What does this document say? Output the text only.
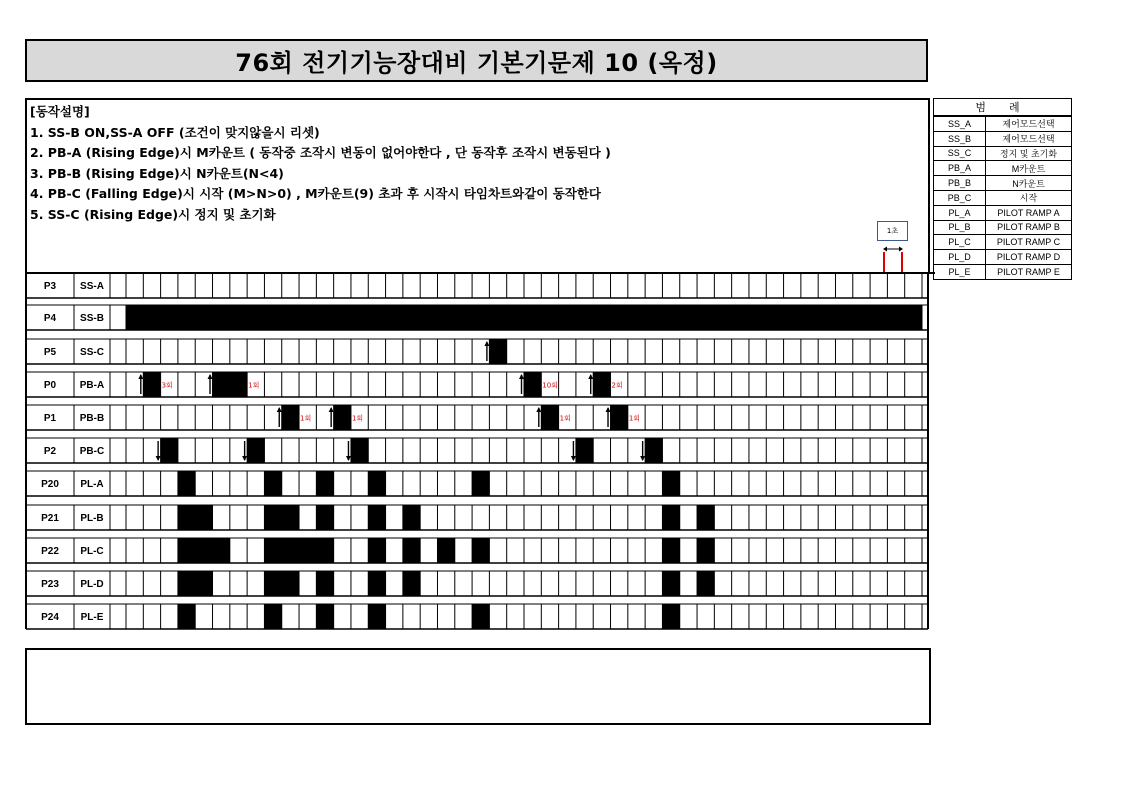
76회 전기기능장대비 기본기문제 10 (옥정)
[동작설명]
1. SS-B ON,SS-A OFF (조건이 맞지않을시 리셋)
2. PB-A (Rising Edge)시 M카운트 ( 동작중 조작시 변동이 없어야한다 , 단 동작후 조작시 변동된다 )
3. PB-B (Rising Edge)시 N카운트(N<4)
4. PB-C (Falling Edge)시 시작 (M>N>0) , M카운트(9) 초과 후 시작시 타임차트와같이 동작한다
5. SS-C (Rising Edge)시 정지 및 초기화
범 례	
SS_A	제어모드선택
SS_B	제어모드선택
SS_C	정지 및 초기화
PB_A	M카운트
PB_B	N카운트
PB_C	시작
PL_A	PILOT RAMP A
PL_B	PILOT RAMP B
PL_C	PILOT RAMP C
PL_D	PILOT RAMP D
PL_E	PILOT RAMP E
1초
P3 SS-A
P4 SS-B
P5 SS-C
P0 PB-A	3회	1회	10회	2회
P1 PB-B	1회	1회	1회	1회
P2 PB-C
P20 PL-A
P21 PL-B
P22 PL-C
P23 PL-D
P24 PL-E
